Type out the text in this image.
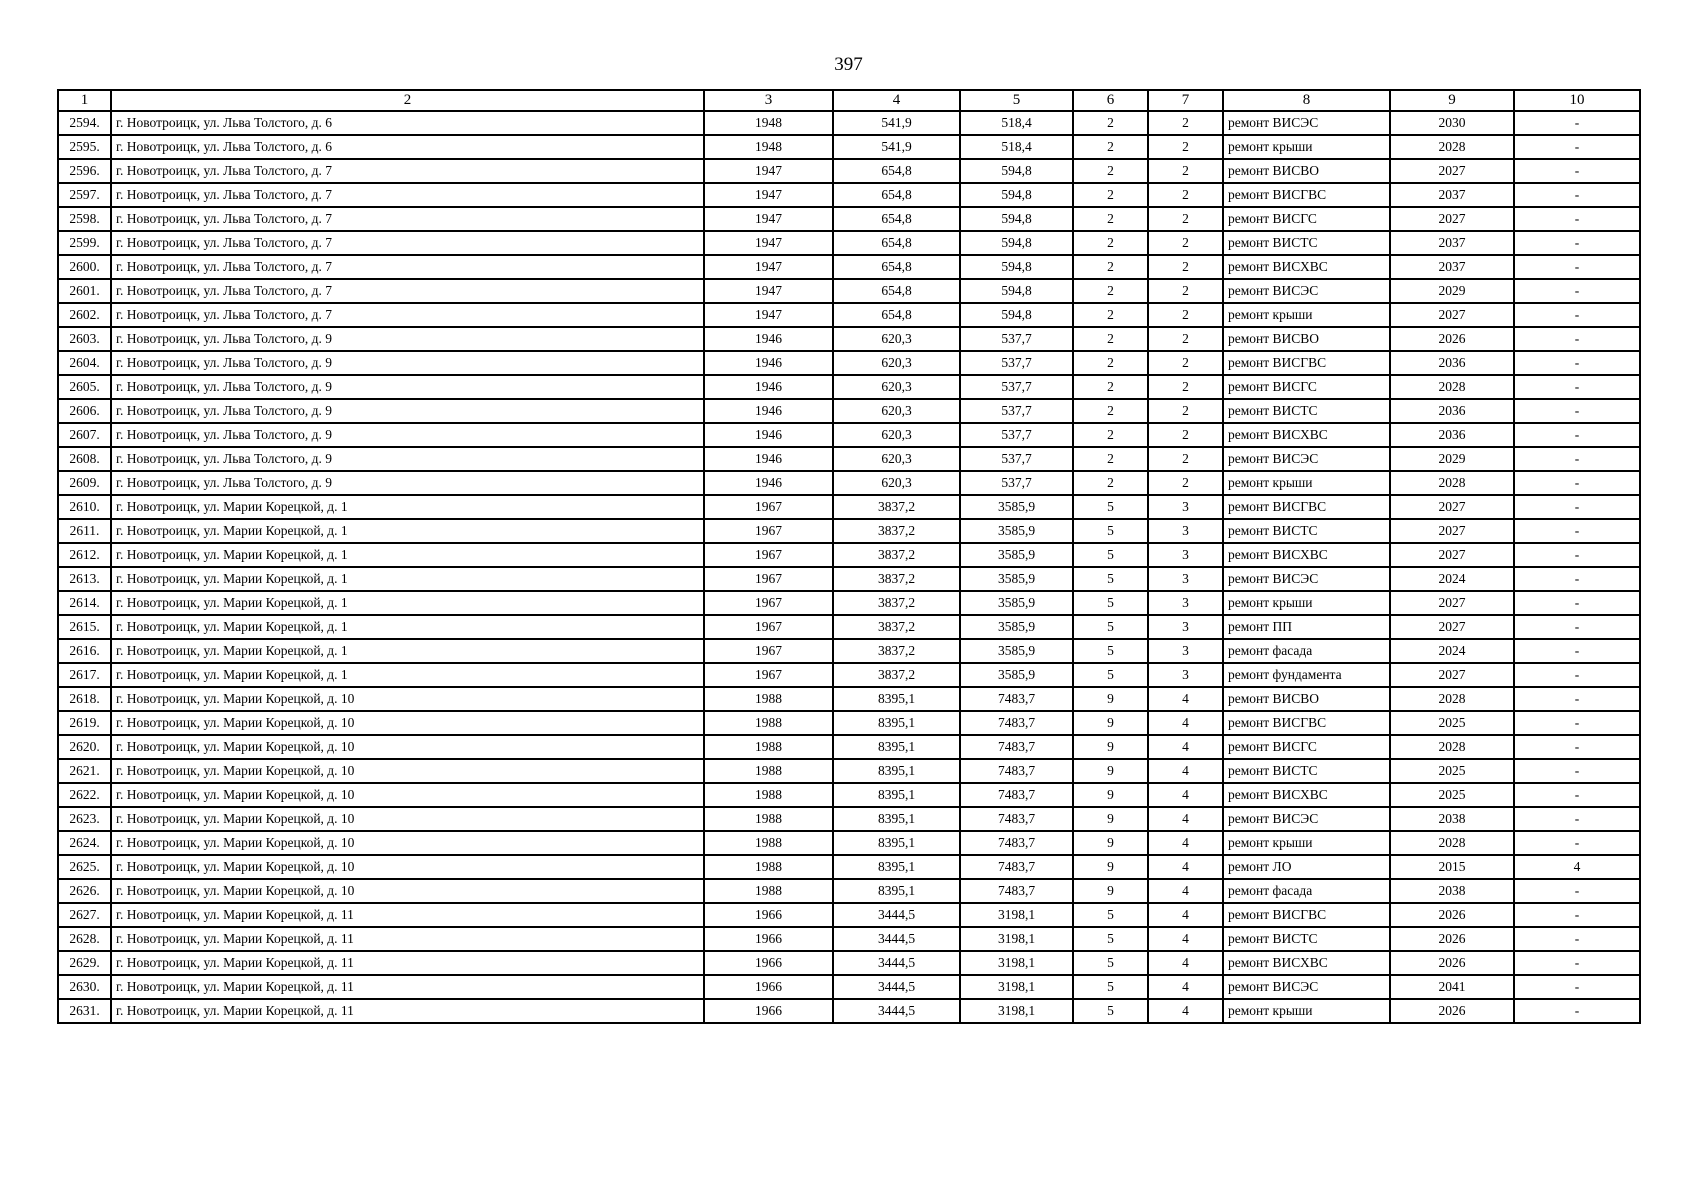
397
1	2	3	4	5	6	7	8	9	10
2594.	г. Новотроицк, ул. Льва Толстого, д. 6	1948	541,9	518,4	2	2	ремонт ВИСЭС	2030	-
2595.	г. Новотроицк, ул. Льва Толстого, д. 6	1948	541,9	518,4	2	2	ремонт крыши	2028	-
2596.	г. Новотроицк, ул. Льва Толстого, д. 7	1947	654,8	594,8	2	2	ремонт ВИСВО	2027	-
2597.	г. Новотроицк, ул. Льва Толстого, д. 7	1947	654,8	594,8	2	2	ремонт ВИСГВС	2037	-
2598.	г. Новотроицк, ул. Льва Толстого, д. 7	1947	654,8	594,8	2	2	ремонт ВИСГС	2027	-
2599.	г. Новотроицк, ул. Льва Толстого, д. 7	1947	654,8	594,8	2	2	ремонт ВИСТС	2037	-
2600.	г. Новотроицк, ул. Льва Толстого, д. 7	1947	654,8	594,8	2	2	ремонт ВИСХВС	2037	-
2601.	г. Новотроицк, ул. Льва Толстого, д. 7	1947	654,8	594,8	2	2	ремонт ВИСЭС	2029	-
2602.	г. Новотроицк, ул. Льва Толстого, д. 7	1947	654,8	594,8	2	2	ремонт крыши	2027	-
2603.	г. Новотроицк, ул. Льва Толстого, д. 9	1946	620,3	537,7	2	2	ремонт ВИСВО	2026	-
2604.	г. Новотроицк, ул. Льва Толстого, д. 9	1946	620,3	537,7	2	2	ремонт ВИСГВС	2036	-
2605.	г. Новотроицк, ул. Льва Толстого, д. 9	1946	620,3	537,7	2	2	ремонт ВИСГС	2028	-
2606.	г. Новотроицк, ул. Льва Толстого, д. 9	1946	620,3	537,7	2	2	ремонт ВИСТС	2036	-
2607.	г. Новотроицк, ул. Льва Толстого, д. 9	1946	620,3	537,7	2	2	ремонт ВИСХВС	2036	-
2608.	г. Новотроицк, ул. Льва Толстого, д. 9	1946	620,3	537,7	2	2	ремонт ВИСЭС	2029	-
2609.	г. Новотроицк, ул. Льва Толстого, д. 9	1946	620,3	537,7	2	2	ремонт крыши	2028	-
2610.	г. Новотроицк, ул. Марии Корецкой, д. 1	1967	3837,2	3585,9	5	3	ремонт ВИСГВС	2027	-
2611.	г. Новотроицк, ул. Марии Корецкой, д. 1	1967	3837,2	3585,9	5	3	ремонт ВИСТС	2027	-
2612.	г. Новотроицк, ул. Марии Корецкой, д. 1	1967	3837,2	3585,9	5	3	ремонт ВИСХВС	2027	-
2613.	г. Новотроицк, ул. Марии Корецкой, д. 1	1967	3837,2	3585,9	5	3	ремонт ВИСЭС	2024	-
2614.	г. Новотроицк, ул. Марии Корецкой, д. 1	1967	3837,2	3585,9	5	3	ремонт крыши	2027	-
2615.	г. Новотроицк, ул. Марии Корецкой, д. 1	1967	3837,2	3585,9	5	3	ремонт ПП	2027	-
2616.	г. Новотроицк, ул. Марии Корецкой, д. 1	1967	3837,2	3585,9	5	3	ремонт фасада	2024	-
2617.	г. Новотроицк, ул. Марии Корецкой, д. 1	1967	3837,2	3585,9	5	3	ремонт фундамента	2027	-
2618.	г. Новотроицк, ул. Марии Корецкой, д. 10	1988	8395,1	7483,7	9	4	ремонт ВИСВО	2028	-
2619.	г. Новотроицк, ул. Марии Корецкой, д. 10	1988	8395,1	7483,7	9	4	ремонт ВИСГВС	2025	-
2620.	г. Новотроицк, ул. Марии Корецкой, д. 10	1988	8395,1	7483,7	9	4	ремонт ВИСГС	2028	-
2621.	г. Новотроицк, ул. Марии Корецкой, д. 10	1988	8395,1	7483,7	9	4	ремонт ВИСТС	2025	-
2622.	г. Новотроицк, ул. Марии Корецкой, д. 10	1988	8395,1	7483,7	9	4	ремонт ВИСХВС	2025	-
2623.	г. Новотроицк, ул. Марии Корецкой, д. 10	1988	8395,1	7483,7	9	4	ремонт ВИСЭС	2038	-
2624.	г. Новотроицк, ул. Марии Корецкой, д. 10	1988	8395,1	7483,7	9	4	ремонт крыши	2028	-
2625.	г. Новотроицк, ул. Марии Корецкой, д. 10	1988	8395,1	7483,7	9	4	ремонт ЛО	2015	4
2626.	г. Новотроицк, ул. Марии Корецкой, д. 10	1988	8395,1	7483,7	9	4	ремонт фасада	2038	-
2627.	г. Новотроицк, ул. Марии Корецкой, д. 11	1966	3444,5	3198,1	5	4	ремонт ВИСГВС	2026	-
2628.	г. Новотроицк, ул. Марии Корецкой, д. 11	1966	3444,5	3198,1	5	4	ремонт ВИСТС	2026	-
2629.	г. Новотроицк, ул. Марии Корецкой, д. 11	1966	3444,5	3198,1	5	4	ремонт ВИСХВС	2026	-
2630.	г. Новотроицк, ул. Марии Корецкой, д. 11	1966	3444,5	3198,1	5	4	ремонт ВИСЭС	2041	-
2631.	г. Новотроицк, ул. Марии Корецкой, д. 11	1966	3444,5	3198,1	5	4	ремонт крыши	2026	-
